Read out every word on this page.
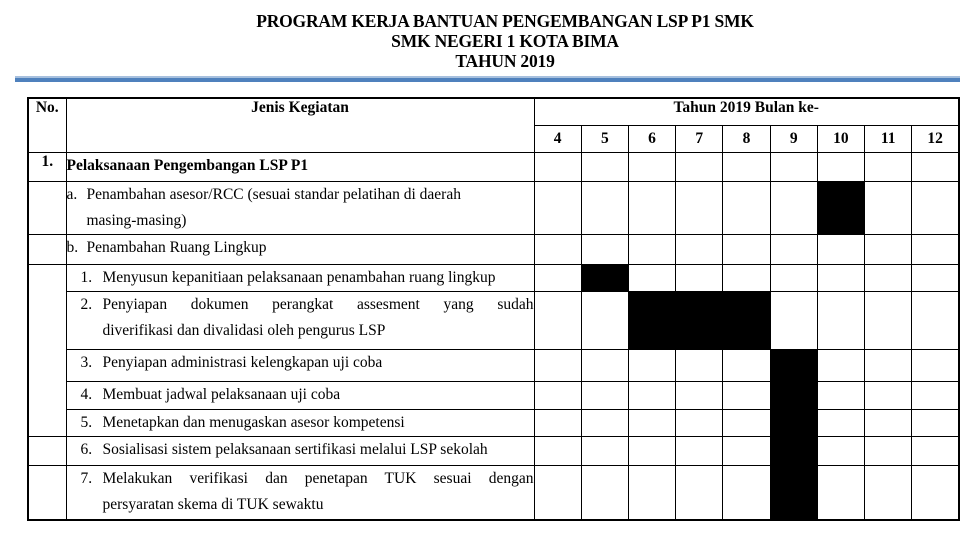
PROGRAM KERJA BANTUAN PENGEMBANGAN LSP P1 SMK
SMK NEGERI 1 KOTA BIMA
TAHUN 2019
No.	Jenis Kegiatan	Tahun 2019 Bulan ke-								
		4	5	6	7	8	9	10	11	12
1.	Pelaksanaan Pengembangan LSP P1									

	a. Penambahan asesor/RCC (sesuai standar pelatihan di daerah
masing-masing)									

	b. Penambahan Ruang Lingkup									

	1. Menyusun kepanitiaan pelaksanaan penambahan ruang lingkup									

	2. Penyiapan dokumen perangkat assesment yang sudah
diverifikasi dan divalidasi oleh pengurus LSP									

	3. Penyiapan administrasi kelengkapan uji coba									

	4. Membuat jadwal pelaksanaan uji coba									

	5. Menetapkan dan menugaskan asesor kompetensi									

	6. Sosialisasi sistem pelaksanaan sertifikasi melalui LSP sekolah									

	7. Melakukan verifikasi dan penetapan TUK sesuai dengan
persyaratan skema di TUK sewaktu									
